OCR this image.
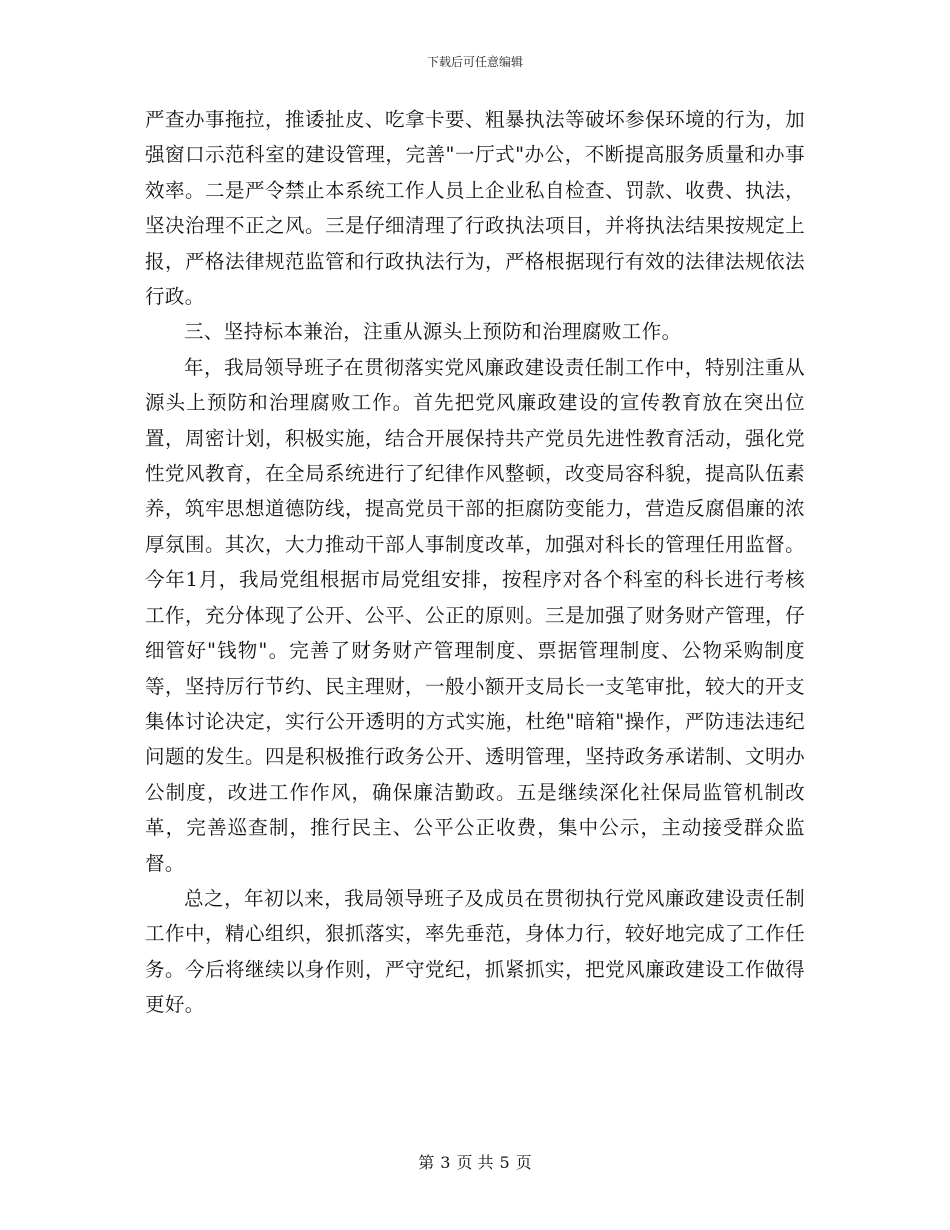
下载后可任意编辑

严查办事拖拉，推诿扯皮、吃拿卡要、粗暴执法等破坏参保环境的行为，加强窗口示范科室的建设管理，完善"一厅式"办公，不断提高服务质量和办事效率。二是严令禁止本系统工作人员上企业私自检查、罚款、收费、执法，坚决治理不正之风。三是仔细清理了行政执法项目，并将执法结果按规定上报，严格法律规范监管和行政执法行为，严格根据现行有效的法律法规依法行政。

三、坚持标本兼治，注重从源头上预防和治理腐败工作。

年，我局领导班子在贯彻落实党风廉政建设责任制工作中，特别注重从源头上预防和治理腐败工作。首先把党风廉政建设的宣传教育放在突出位置，周密计划，积极实施，结合开展保持共产党员先进性教育活动，强化党性党风教育，在全局系统进行了纪律作风整顿，改变局容科貌，提高队伍素养，筑牢思想道德防线，提高党员干部的拒腐防变能力，营造反腐倡廉的浓厚氛围。其次，大力推动干部人事制度改革，加强对科长的管理任用监督。今年1月，我局党组根据市局党组安排，按程序对各个科室的科长进行考核工作，充分体现了公开、公平、公正的原则。三是加强了财务财产管理，仔细管好"钱物"。完善了财务财产管理制度、票据管理制度、公物采购制度等，坚持厉行节约、民主理财，一般小额开支局长一支笔审批，较大的开支集体讨论决定，实行公开透明的方式实施，杜绝"暗箱"操作，严防违法违纪问题的发生。四是积极推行政务公开、透明管理，坚持政务承诺制、文明办公制度，改进工作作风，确保廉洁勤政。五是继续深化社保局监管机制改革，完善巡查制，推行民主、公平公正收费，集中公示，主动接受群众监督。

总之，年初以来，我局领导班子及成员在贯彻执行党风廉政建设责任制工作中，精心组织，狠抓落实，率先垂范，身体力行，较好地完成了工作任务。今后将继续以身作则，严守党纪，抓紧抓实，把党风廉政建设工作做得更好。

第 3 页 共 5 页
